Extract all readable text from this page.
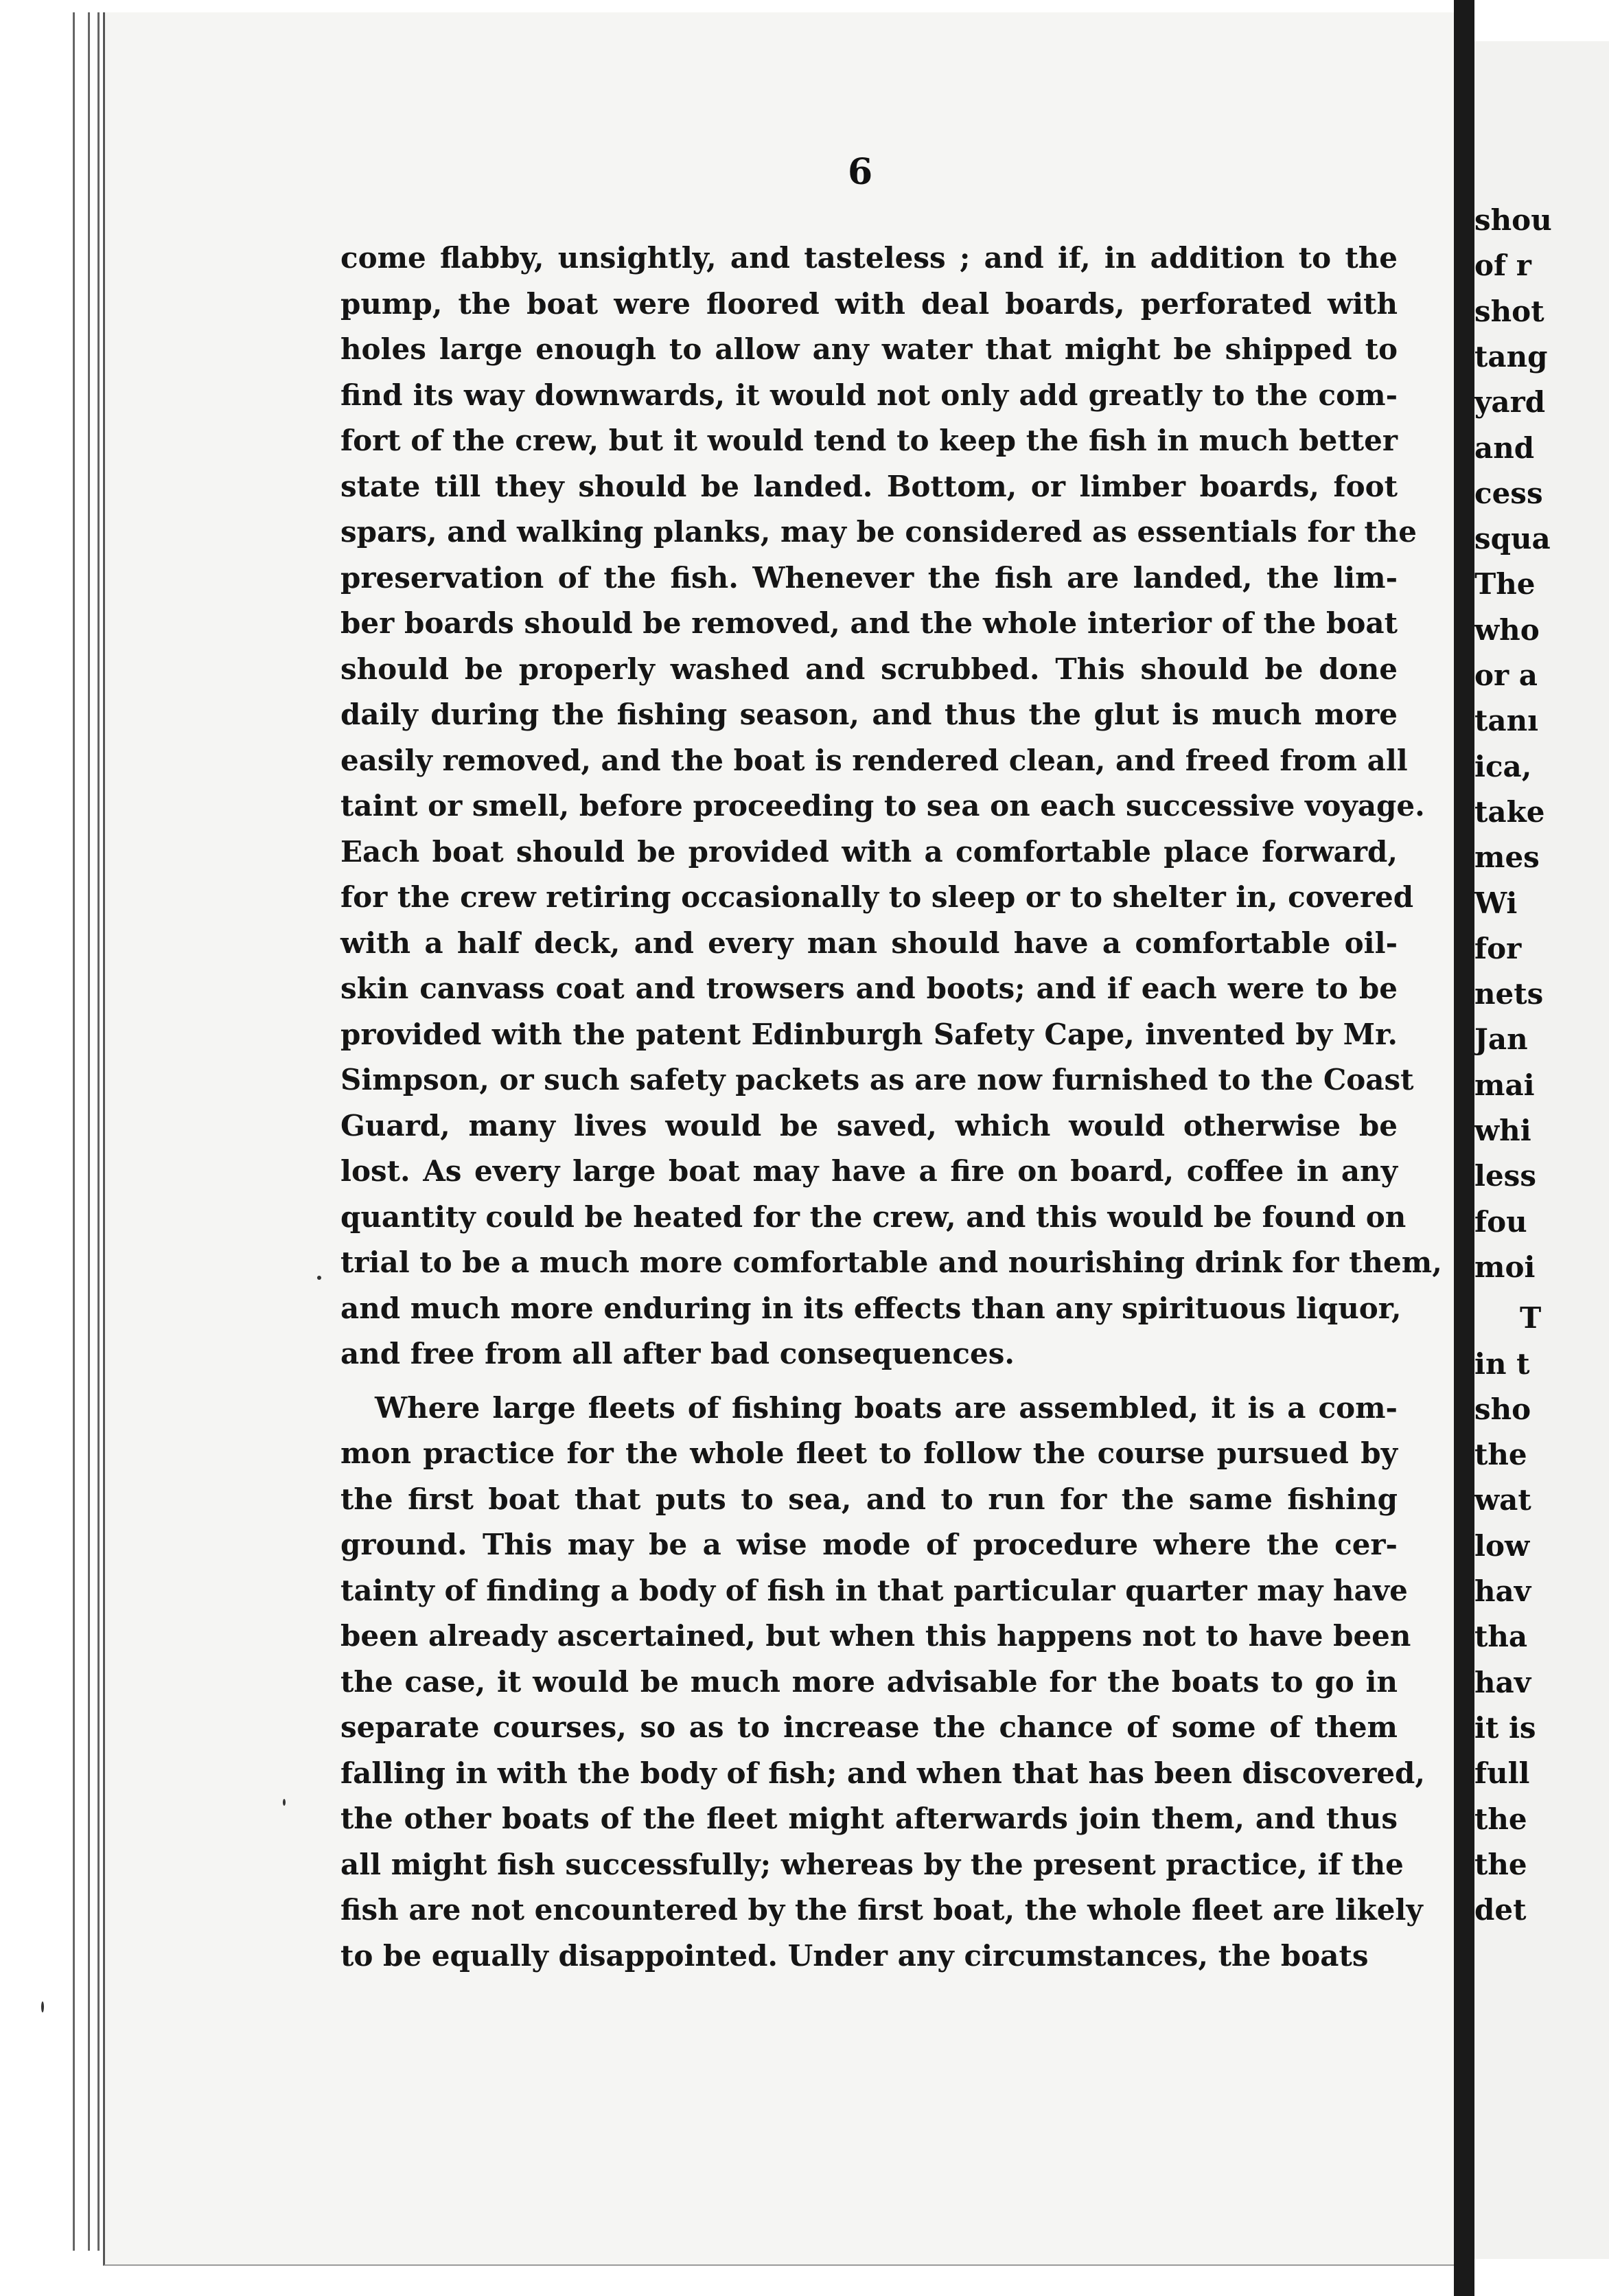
6
come flabby, unsightly, and tasteless ; and if, in addition to the
pump, the boat were floored with deal boards, perforated with
holes large enough to allow any water that might be shipped to
find its way downwards, it would not only add greatly to the com-
fort of the crew, but it would tend to keep the fish in much better
state till they should be landed. Bottom, or limber boards, foot
spars, and walking planks, may be considered as essentials for the
preservation of the fish. Whenever the fish are landed, the lim-
ber boards should be removed, and the whole interior of the boat
should be properly washed and scrubbed. This should be done
daily during the fishing season, and thus the glut is much more
easily removed, and the boat is rendered clean, and freed from all
taint or smell, before proceeding to sea on each successive voyage.
Each boat should be provided with a comfortable place forward,
for the crew retiring occasionally to sleep or to shelter in, covered
with a half deck, and every man should have a comfortable oil-
skin canvass coat and trowsers and boots; and if each were to be
provided with the patent Edinburgh Safety Cape, invented by Mr.
Simpson, or such safety packets as are now furnished to the Coast
Guard, many lives would be saved, which would otherwise be
lost. As every large boat may have a fire on board, coffee in any
quantity could be heated for the crew, and this would be found on
trial to be a much more comfortable and nourishing drink for them,
and much more enduring in its effects than any spirituous liquor,
and free from all after bad consequences.
Where large fleets of fishing boats are assembled, it is a com-
mon practice for the whole fleet to follow the course pursued by
the first boat that puts to sea, and to run for the same fishing
ground. This may be a wise mode of procedure where the cer-
tainty of finding a body of fish in that particular quarter may have
been already ascertained, but when this happens not to have been
the case, it would be much more advisable for the boats to go in
separate courses, so as to increase the chance of some of them
falling in with the body of fish; and when that has been discovered,
the other boats of the fleet might afterwards join them, and thus
all might fish successfully; whereas by the present practice, if the
fish are not encountered by the first boat, the whole fleet are likely
to be equally disappointed. Under any circumstances, the boats
shou
of r
shot
tang
yard
and
cess
squa
The
who
or a
tanı
ica,
take
mes
Wi
for
nets
Jan
mai
whi
less
fou
moi
T
in t
sho
the
wat
low
hav
tha
hav
it is
full
the
the
det
